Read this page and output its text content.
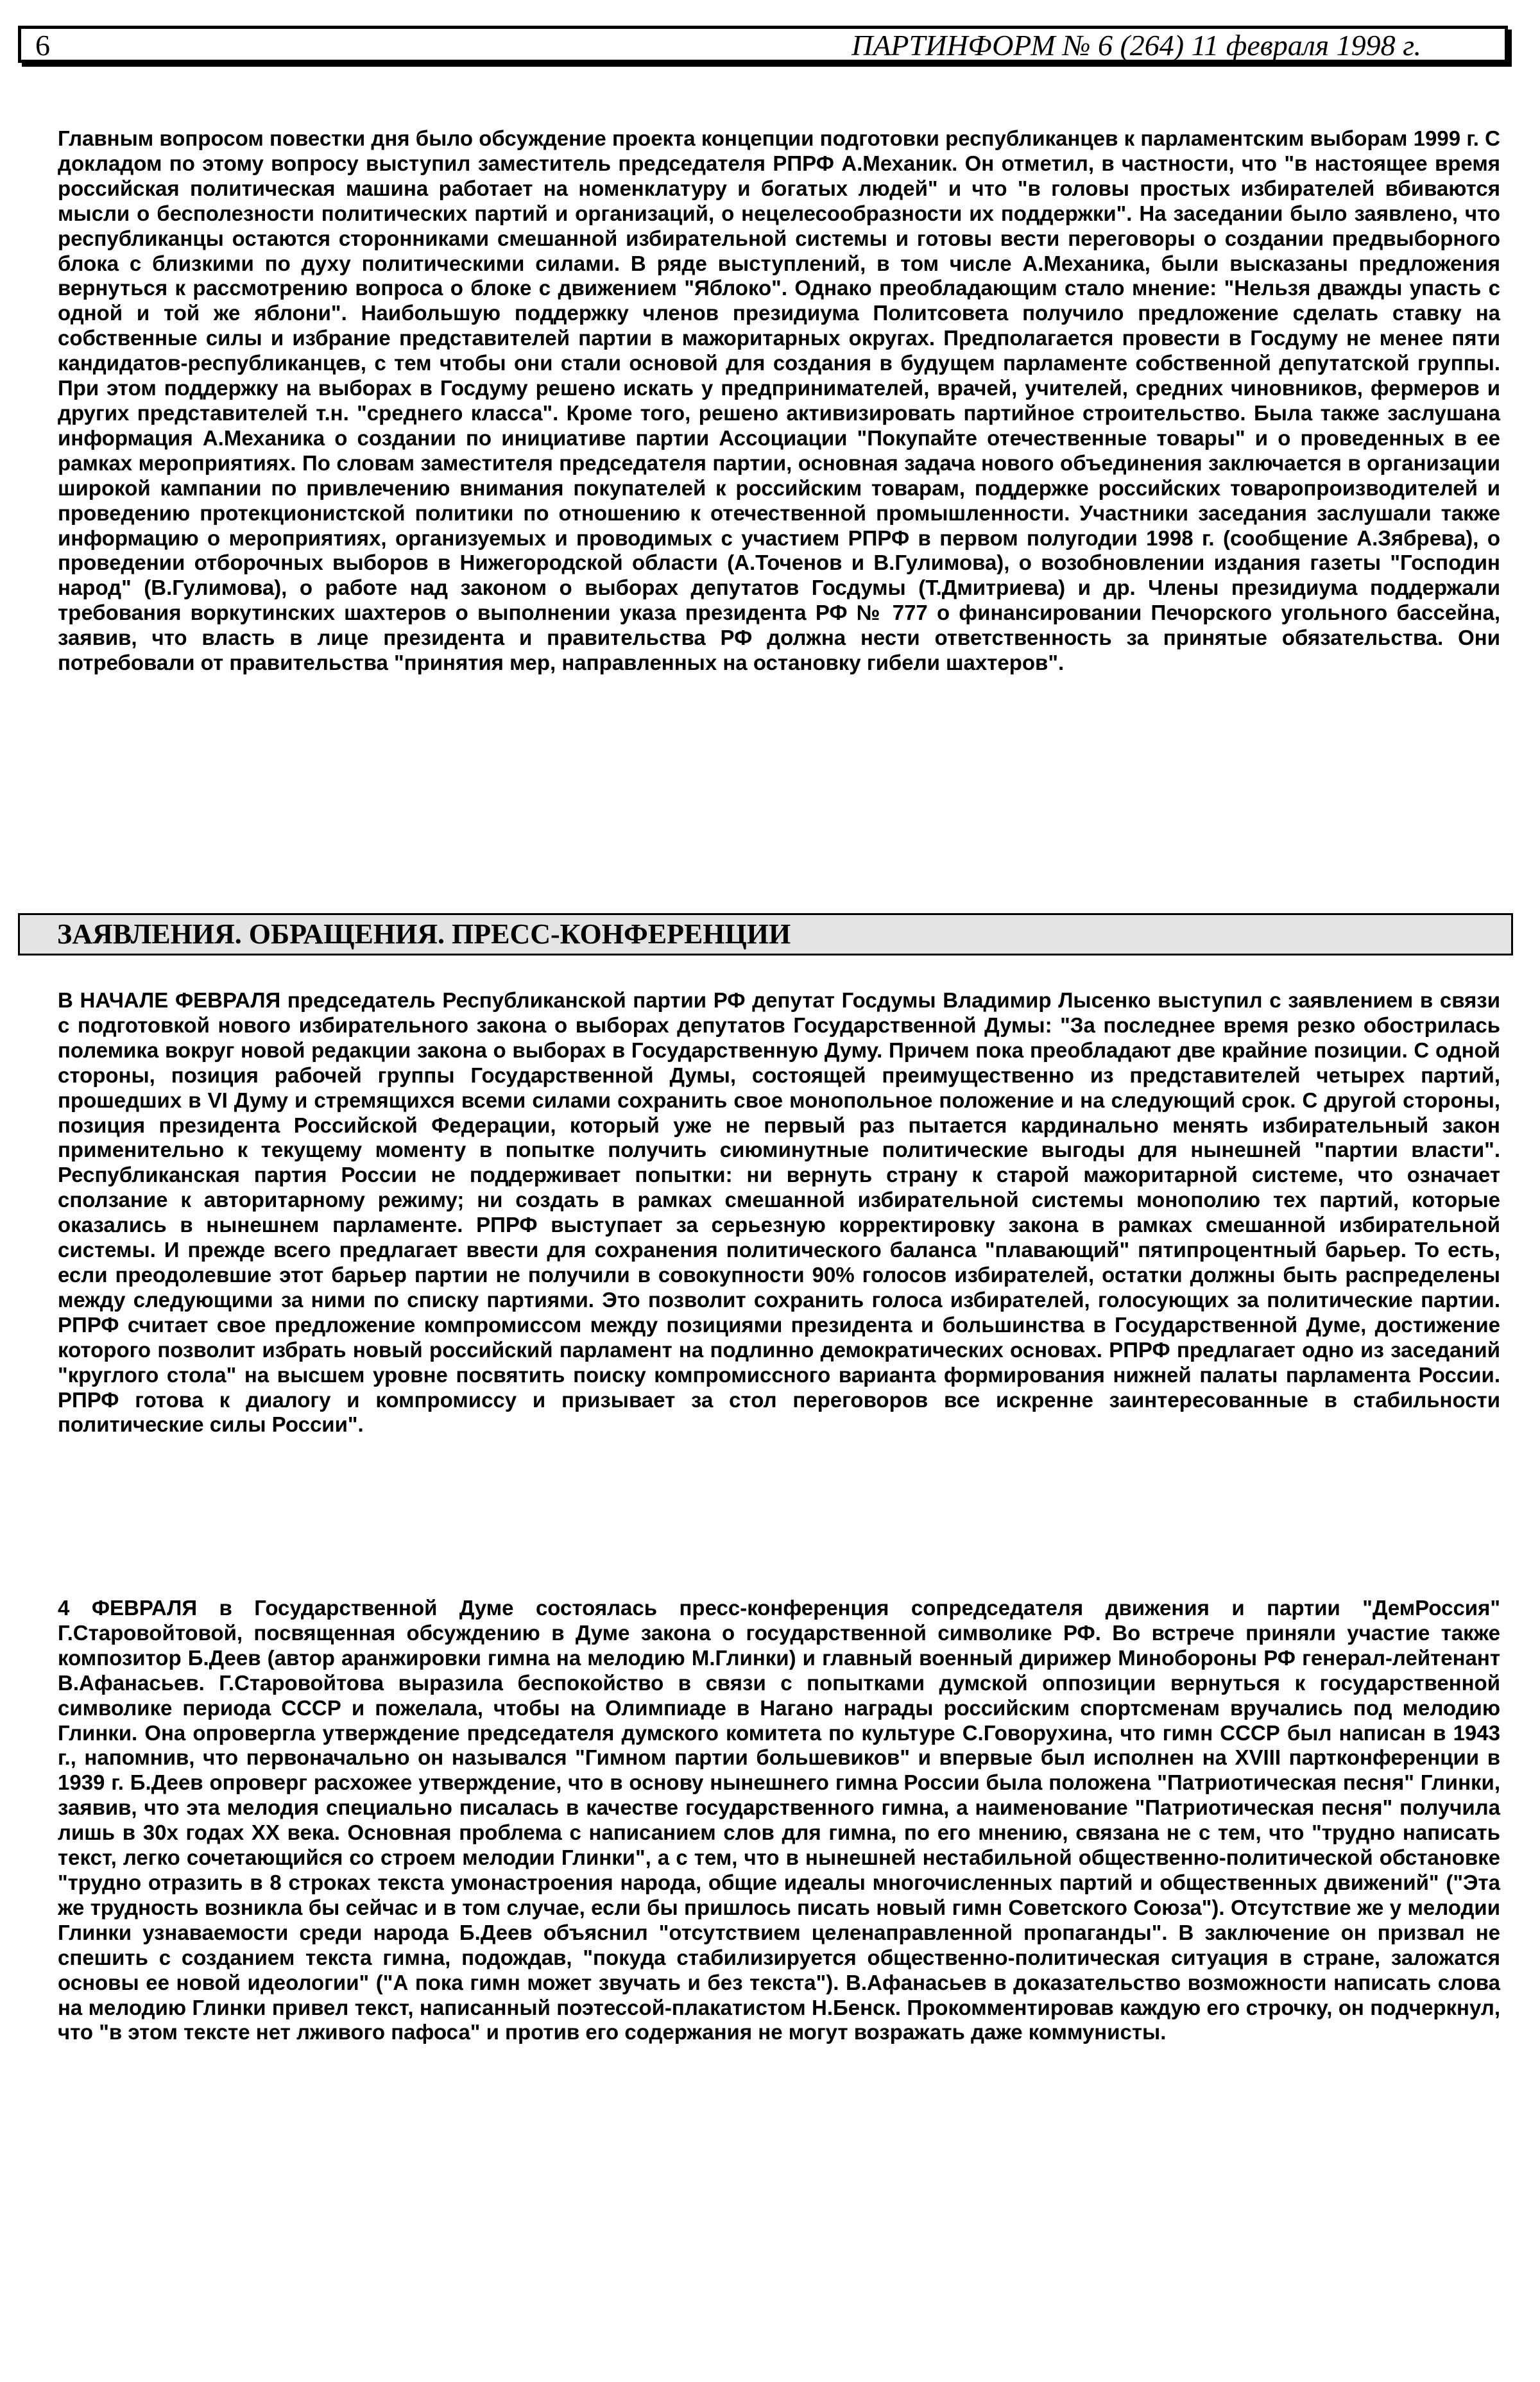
6	ПАРТИНФОРМ № 6 (264) 11 февраля 1998 г.

Главным вопросом повестки дня было обсуждение проекта концепции подготовки республиканцев к парламентским выборам 1999 г. С докладом по этому вопросу выступил заместитель председателя РПРФ А.Механик. Он отметил, в частности, что "в настоящее время российская политическая машина работает на номенклатуру и богатых людей" и что "в головы простых избирателей вбиваются мысли о бесполезности политических партий и организаций, о нецелесообразности их поддержки". На заседании было заявлено, что республиканцы остаются сторонниками смешанной избирательной системы и готовы вести переговоры о создании предвыборного блока с близкими по духу политическими силами. В ряде выступлений, в том числе А.Механика, были высказаны предложения вернуться к рассмотрению вопроса о блоке с движением "Яблоко". Однако преобладающим стало мнение: "Нельзя дважды упасть с одной и той же яблони". Наибольшую поддержку членов президиума Политсовета получило предложение сделать ставку на собственные силы и избрание представителей партии в мажоритарных округах. Предполагается провести в Госдуму не менее пяти кандидатов-республиканцев, с тем чтобы они стали основой для создания в будущем парламенте собственной депутатской группы. При этом поддержку на выборах в Госдуму решено искать у предпринимателей, врачей, учителей, средних чиновников, фермеров и других представителей т.н. "среднего класса". Кроме того, решено активизировать партийное строительство. Была также заслушана информация А.Механика о создании по инициативе партии Ассоциации "Покупайте отечественные товары" и о проведенных в ее рамках мероприятиях. По словам заместителя председателя партии, основная задача нового объединения заключается в организации широкой кампании по привлечению внимания покупателей к российским товарам, поддержке российских товаропроизводителей и проведению протекционистской политики по отношению к отечественной промышленности. Участники заседания заслушали также информацию о мероприятиях, организуемых и проводимых с участием РПРФ в первом полугодии 1998 г. (сообщение А.Зябрева), о проведении отборочных выборов в Нижегородской области (А.Точенов и В.Гулимова), о возобновлении издания газеты "Господин народ" (В.Гулимова), о работе над законом о выборах депутатов Госдумы (Т.Дмитриева) и др. Члены президиума поддержали требования воркутинских шахтеров о выполнении указа президента РФ № 777 о финансировании Печорского угольного бассейна, заявив, что власть в лице президента и правительства РФ должна нести ответственность за принятые обязательства. Они потребовали от правительства "принятия мер, направленных на остановку гибели шахтеров".

ЗАЯВЛЕНИЯ. ОБРАЩЕНИЯ. ПРЕСС-КОНФЕРЕНЦИИ

В НАЧАЛЕ ФЕВРАЛЯ председатель Республиканской партии РФ депутат Госдумы Владимир Лысенко выступил с заявлением в связи с подготовкой нового избирательного закона о выборах депутатов Государственной Думы: "За последнее время резко обострилась полемика вокруг новой редакции закона о выборах в Государственную Думу. Причем пока преобладают две крайние позиции. С одной стороны, позиция рабочей группы Государственной Думы, состоящей преимущественно из представителей четырех партий, прошедших в VI Думу и стремящихся всеми силами сохранить свое монопольное положение и на следующий срок. С другой стороны, позиция президента Российской Федерации, который уже не первый раз пытается кардинально менять избирательный закон применительно к текущему моменту в попытке получить сиюминутные политические выгоды для нынешней "партии власти". Республиканская партия России не поддерживает попытки: ни вернуть страну к старой мажоритарной системе, что означает сползание к авторитарному режиму; ни создать в рамках смешанной избирательной системы монополию тех партий, которые оказались в нынешнем парламенте. РПРФ выступает за серьезную корректировку закона в рамках смешанной избирательной системы. И прежде всего предлагает ввести для сохранения политического баланса "плавающий" пятипроцентный барьер. То есть, если преодолевшие этот барьер партии не получили в совокупности 90% голосов избирателей, остатки должны быть распределены между следующими за ними по списку партиями. Это позволит сохранить голоса избирателей, голосующих за политические партии. РПРФ считает свое предложение компромиссом между позициями президента и большинства в Государственной Думе, достижение которого позволит избрать новый российский парламент на подлинно демократических основах. РПРФ предлагает одно из заседаний "круглого стола" на высшем уровне посвятить поиску компромиссного варианта формирования нижней палаты парламента России. РПРФ готова к диалогу и компромиссу и призывает за стол переговоров все искренне заинтересованные в стабильности политические силы России".

4 ФЕВРАЛЯ в Государственной Думе состоялась пресс-конференция сопредседателя движения и партии "ДемРоссия" Г.Старовойтовой, посвященная обсуждению в Думе закона о государственной символике РФ. Во встрече приняли участие также композитор Б.Деев (автор аранжировки гимна на мелодию М.Глинки) и главный военный дирижер Минобороны РФ генерал-лейтенант В.Афанасьев. Г.Старовойтова выразила беспокойство в связи с попытками думской оппозиции вернуться к государственной символике периода СССР и пожелала, чтобы на Олимпиаде в Нагано награды российским спортсменам вручались под мелодию Глинки. Она опровергла утверждение председателя думского комитета по культуре С.Говорухина, что гимн СССР был написан в 1943 г., напомнив, что первоначально он назывался "Гимном партии большевиков" и впервые был исполнен на XVIII партконференции в 1939 г. Б.Деев опроверг расхожее утверждение, что в основу нынешнего гимна России была положена "Патриотическая песня" Глинки, заявив, что эта мелодия специально писалась в качестве государственного гимна, а наименование "Патриотическая песня" получила лишь в 30х годах XX века. Основная проблема с написанием слов для гимна, по его мнению, связана не с тем, что "трудно написать текст, легко сочетающийся со строем мелодии Глинки", а с тем, что в нынешней нестабильной общественно-политической обстановке "трудно отразить в 8 строках текста умонастроения народа, общие идеалы многочисленных партий и общественных движений" ("Эта же трудность возникла бы сейчас и в том случае, если бы пришлось писать новый гимн Советского Союза"). Отсутствие же у мелодии Глинки узнаваемости среди народа Б.Деев объяснил "отсутствием целенаправленной пропаганды". В заключение он призвал не спешить с созданием текста гимна, подождав, "покуда стабилизируется общественно-политическая ситуация в стране, заложатся основы ее новой идеологии" ("А пока гимн может звучать и без текста"). В.Афанасьев в доказательство возможности написать слова на мелодию Глинки привел текст, написанный поэтессой-плакатистом Н.Бенск. Прокомментировав каждую его строчку, он подчеркнул, что "в этом тексте нет лживого пафоса" и против его содержания не могут возражать даже коммунисты.
